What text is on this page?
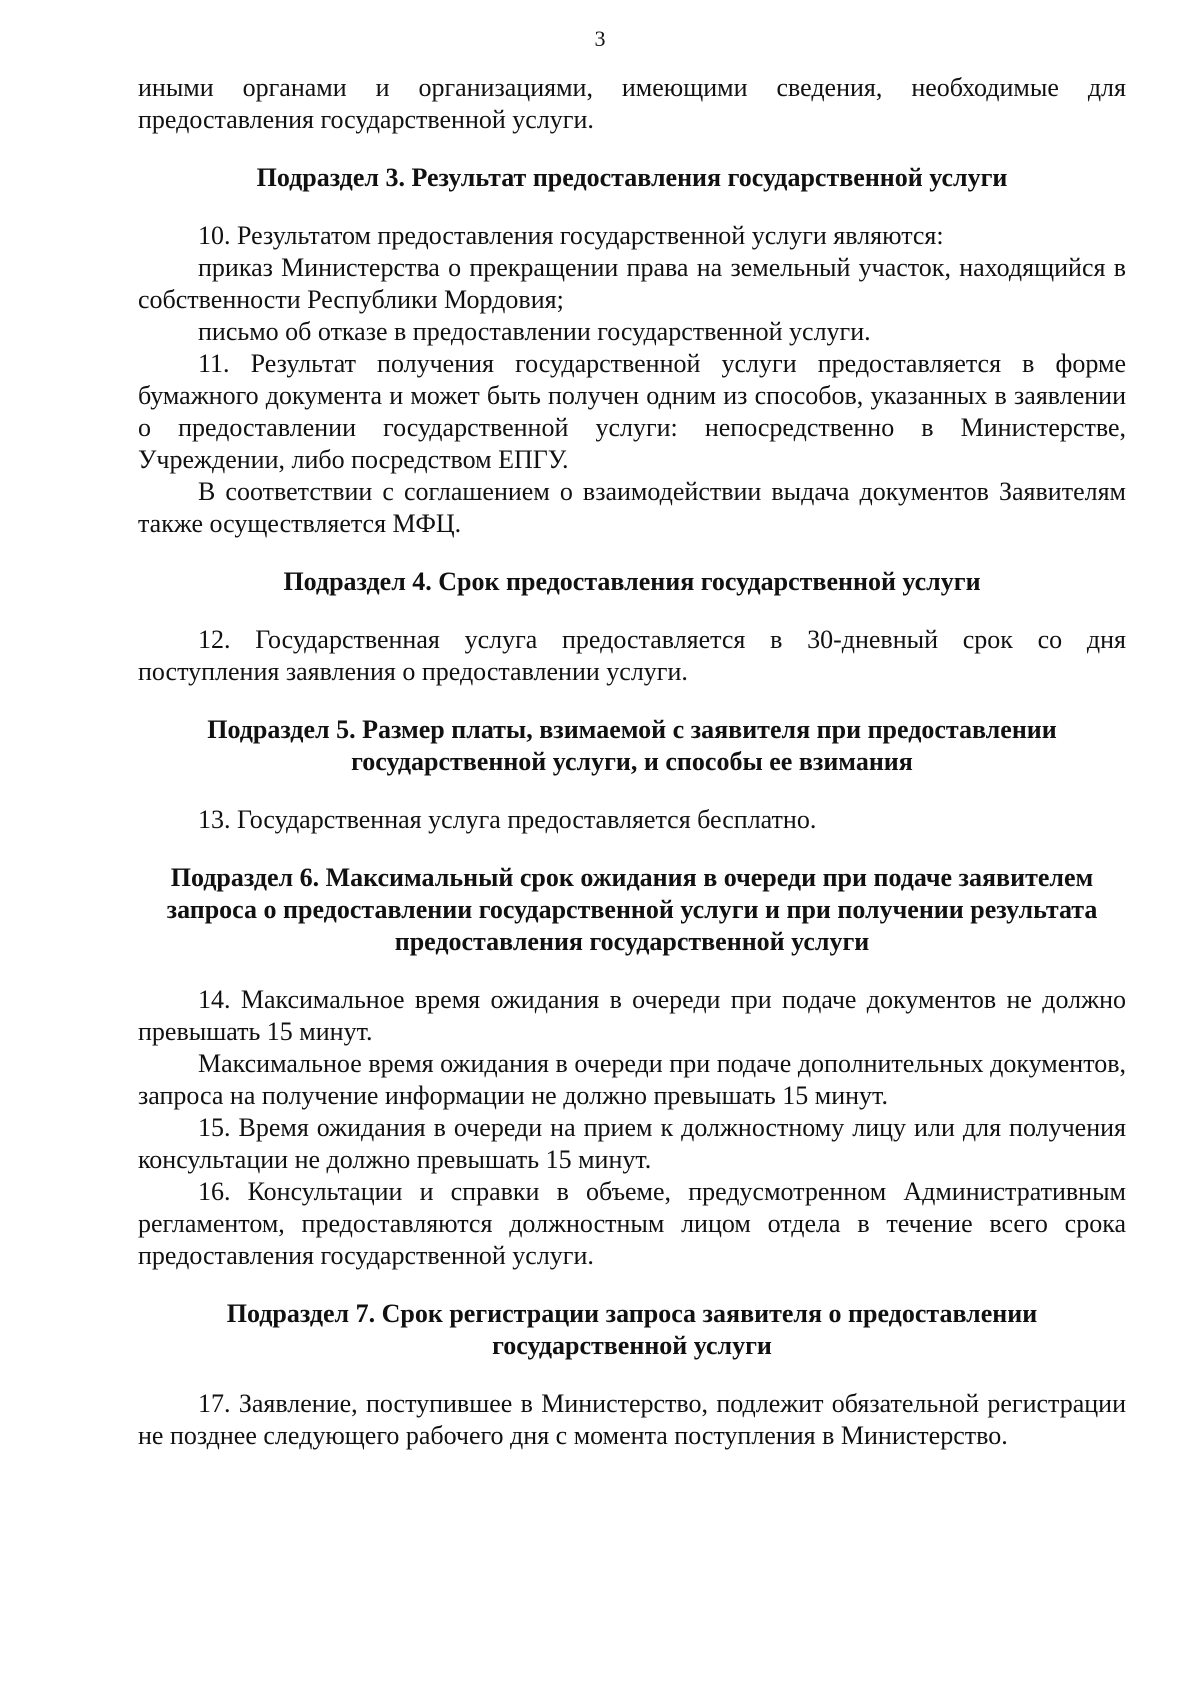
3

иными органами и организациями, имеющими сведения, необходимые для предоставления государственной услуги.

Подраздел 3. Результат предоставления государственной услуги

10. Результатом предоставления государственной услуги являются:

приказ Министерства о прекращении права на земельный участок, находящийся в собственности Республики Мордовия;

письмо об отказе в предоставлении государственной услуги.

11. Результат получения государственной услуги предоставляется в форме бумажного документа и может быть получен одним из способов, указанных в заявлении о предоставлении государственной услуги: непосредственно в Министерстве, Учреждении, либо посредством ЕПГУ.

В соответствии с соглашением о взаимодействии выдача документов Заявителям также осуществляется МФЦ.

Подраздел 4. Срок предоставления государственной услуги

12. Государственная услуга предоставляется в 30-дневный срок со дня поступления заявления о предоставлении услуги.

Подраздел 5. Размер платы, взимаемой с заявителя при предоставлении государственной услуги, и способы ее взимания

13. Государственная услуга предоставляется бесплатно.

Подраздел 6. Максимальный срок ожидания в очереди при подаче заявителем запроса о предоставлении государственной услуги и при получении результата предоставления государственной услуги

14. Максимальное время ожидания в очереди при подаче документов не должно превышать 15 минут.

Максимальное время ожидания в очереди при подаче дополнительных документов, запроса на получение информации не должно превышать 15 минут.

15. Время ожидания в очереди на прием к должностному лицу или для получения консультации не должно превышать 15 минут.

16. Консультации и справки в объеме, предусмотренном Административным регламентом, предоставляются должностным лицом отдела в течение всего срока предоставления государственной услуги.

Подраздел 7. Срок регистрации запроса заявителя о предоставлении государственной услуги

17. Заявление, поступившее в Министерство, подлежит обязательной регистрации не позднее следующего рабочего дня с момента поступления в Министерство.
